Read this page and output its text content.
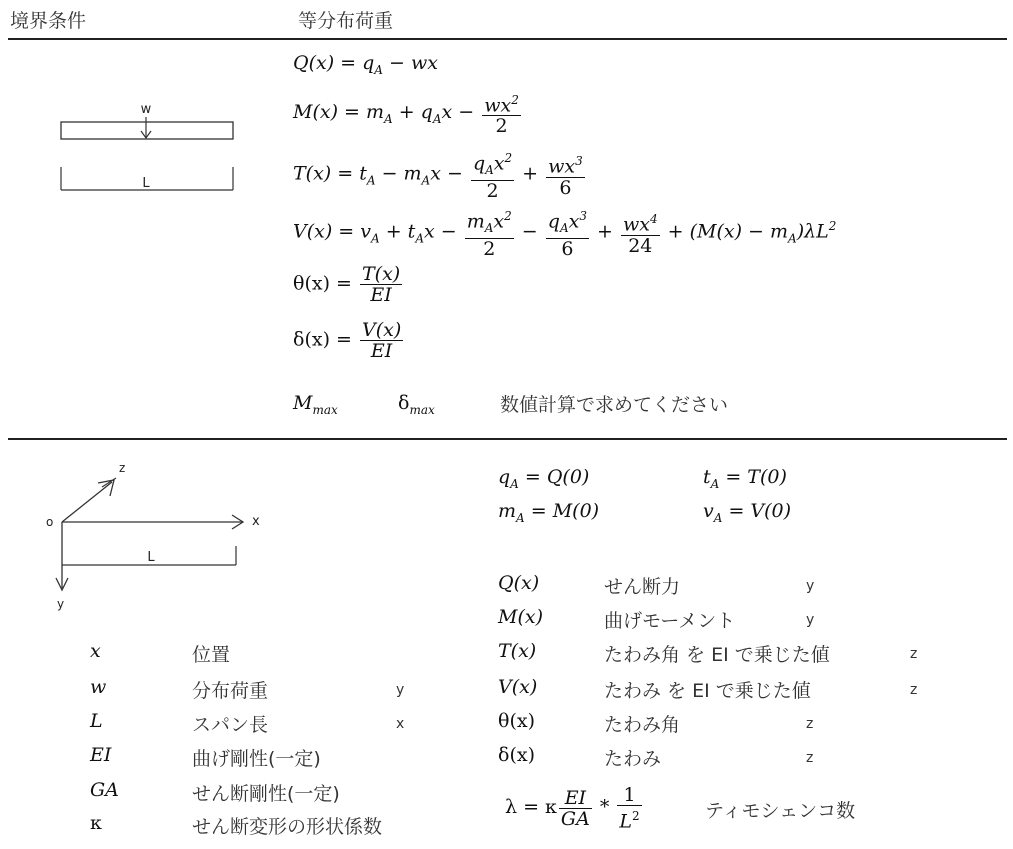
境界条件	等分布荷重
w
L
$Q(x) = q_A$ − wx
$M(x) = m_A + q_Ax - \frac{wx^2}{2}$
$T(x) = t_A - m_Ax - \frac{q_Ax^2}{2} + \frac{wx^3}{6}$
$V(x) = v_A + t_Ax - \frac{m_Ax^2}{2} - \frac{q_Ax^3}{6} + \frac{wx^4}{24} + (M(x) - m_A)\lambda L^2$
$\theta(x) = \frac{T(x)}{EI}$
$\delta(x) = \frac{V(x)}{EI}$
$M_{max}$	$\delta_{max}$	数値計算で求めてください
z
x
o
y
L
x	位置
w	分布荷重	y
L	スパン長	x
EI	曲げ剛性(一定)
GA	せん断剛性(一定)
κ	せん断変形の形状係数
$q_A = Q(0)$	$t_A = T(0)$
$m_A = M(0)$	$v_A = V(0)$
Q(x)	せん断力	y
M(x)	曲げモーメント	y
T(x)	たわみ角 を EI で乗じた値	z
V(x)	たわみ を EI で乗じた値	z
θ(x)	たわみ角	z
δ(x)	たわみ	z
λ = κ $\frac{EI}{GA} * \frac{1}{L^2}$	ティモシェンコ数
